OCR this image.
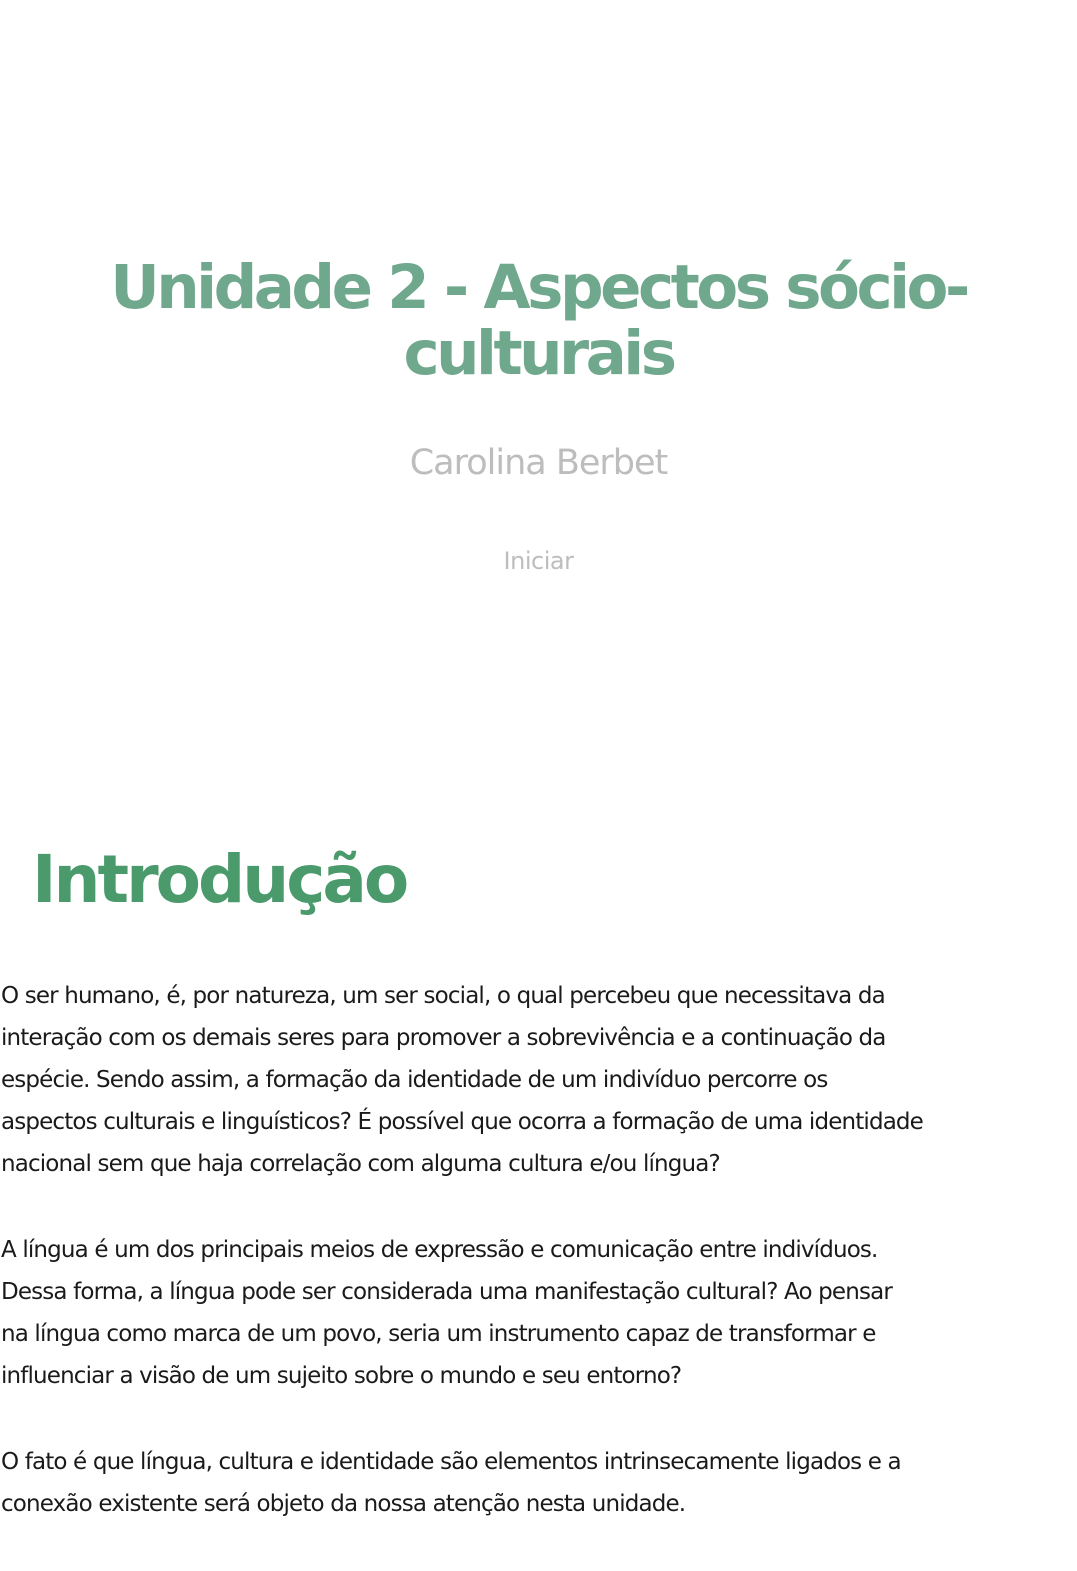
Unidade 2 - Aspectos sócio-
culturais

Carolina Berbet

Iniciar
Introdução

O ser humano, é, por natureza, um ser social, o qual percebeu que necessitava da
interação com os demais seres para promover a sobrevivência e a continuação da
espécie. Sendo assim, a formação da identidade de um indivíduo percorre os
aspectos culturais e linguísticos? É possível que ocorra a formação de uma identidade
nacional sem que haja correlação com alguma cultura e/ou língua?

A língua é um dos principais meios de expressão e comunicação entre indivíduos.
Dessa forma, a língua pode ser considerada uma manifestação cultural? Ao pensar
na língua como marca de um povo, seria um instrumento capaz de transformar e
influenciar a visão de um sujeito sobre o mundo e seu entorno?

O fato é que língua, cultura e identidade são elementos intrinsecamente ligados e a
conexão existente será objeto da nossa atenção nesta unidade.
